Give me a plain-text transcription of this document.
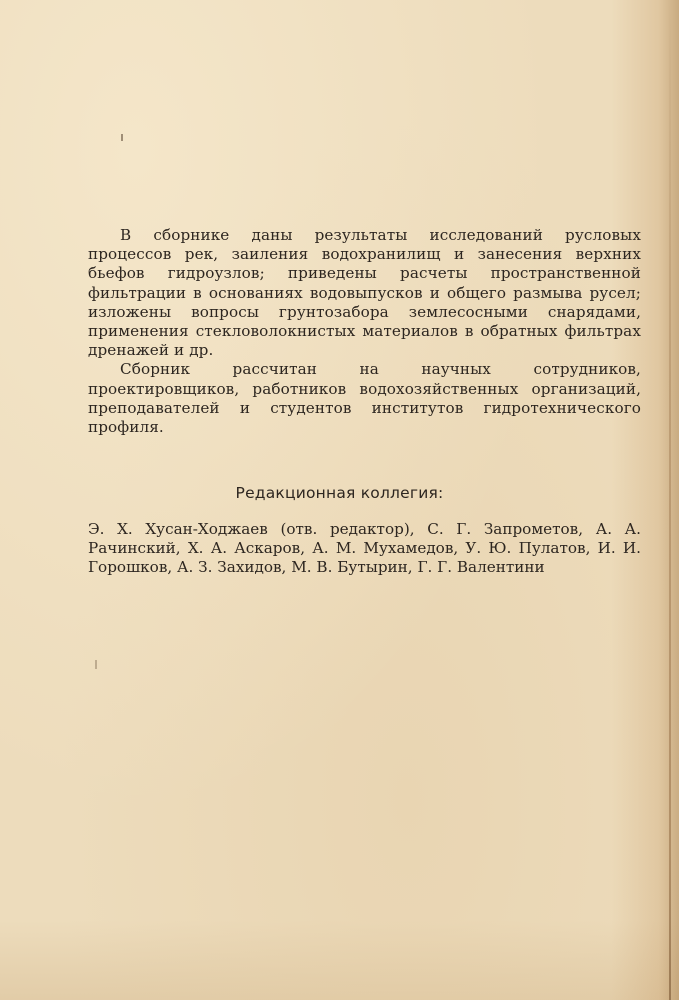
В сборнике даны результаты исследований русловых процессов рек, заиления водохранилищ и занесения верхних бьефов гидроузлов; приведены расчеты пространственной фильтрации в основаниях водовыпусков и общего размыва русел; изложены вопросы грунтозабора землесосными снарядами, применения стекловолокнистых материалов в обратных фильтрах дренажей и др.

Сборник рассчитан на научных сотрудников, проектировщиков, работников водохозяйственных организаций, преподавателей и студентов институтов гидротехнического профиля.

Редакционная коллегия:
Э. Х. Хусан-Ходжаев (отв. редактор), С. Г. Запрометов, А. А. Рачинский, Х. А. Аскаров, А. М. Мухамедов, У. Ю. Пулатов, И. И. Горошков, А. З. Захидов, М. В. Бутырин, Г. Г. Валентини
